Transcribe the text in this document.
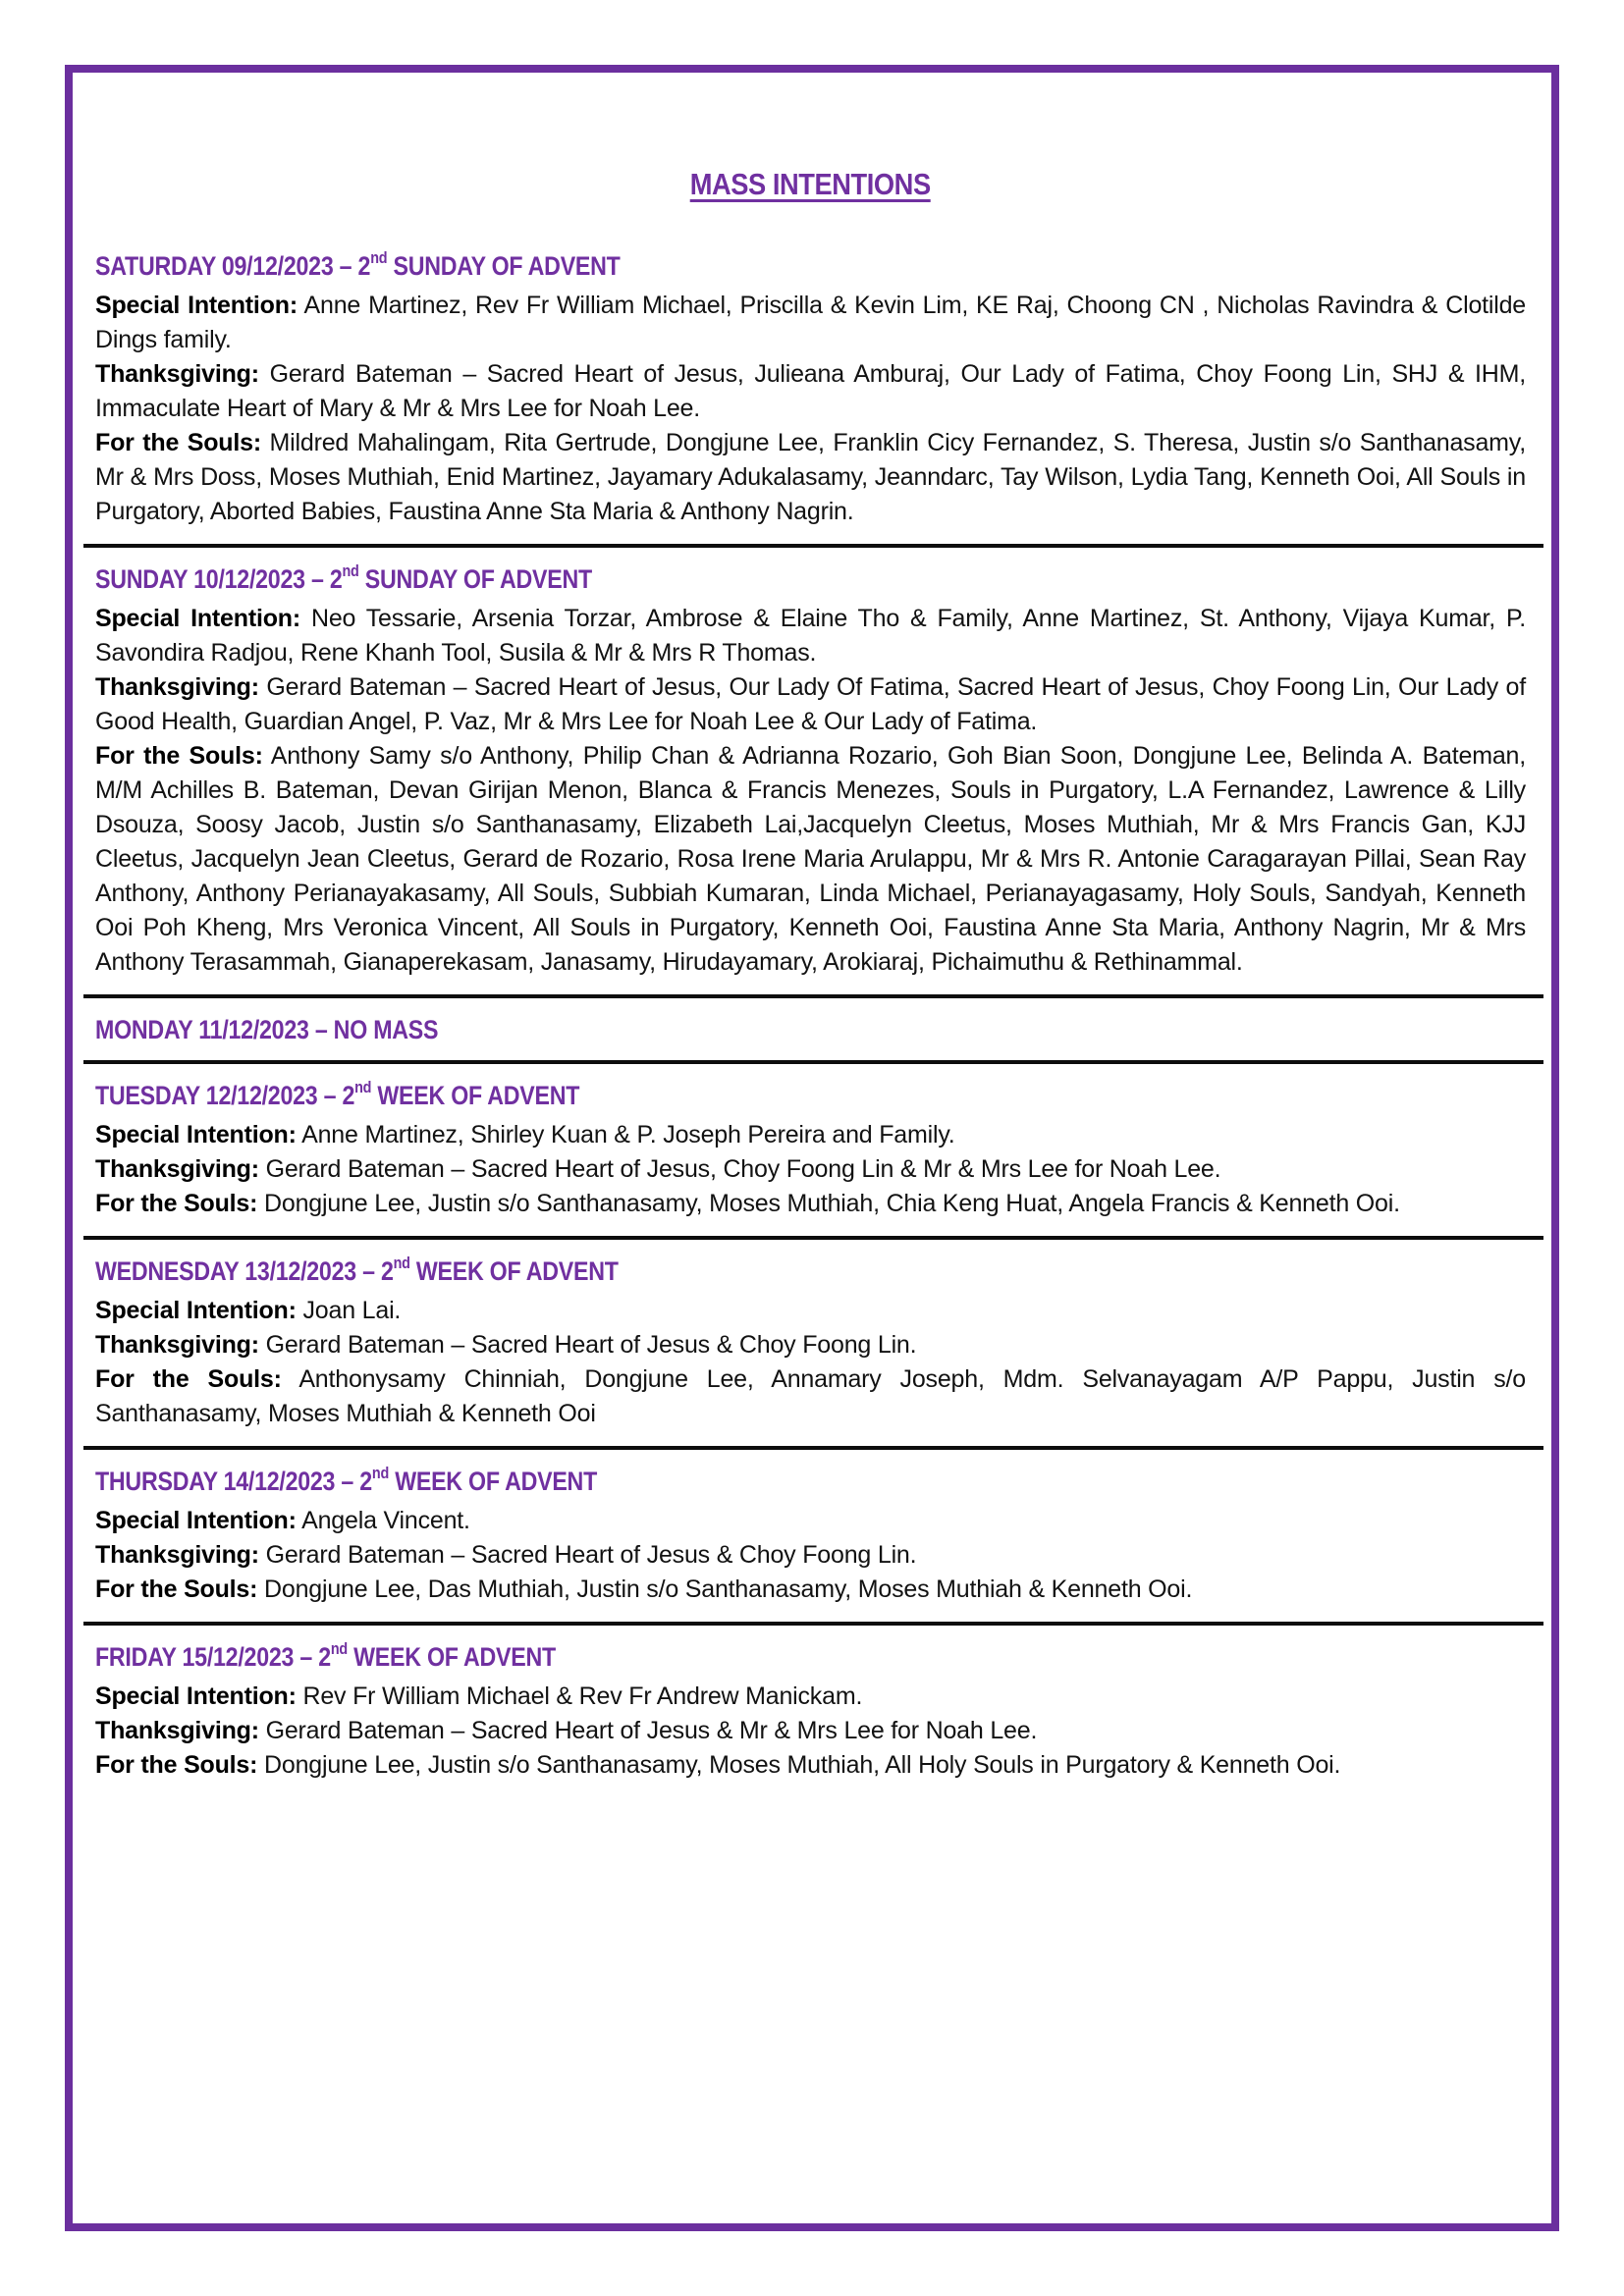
MASS INTENTIONS
SATURDAY 09/12/2023 – 2nd SUNDAY OF ADVENT

Special Intention: Anne Martinez, Rev Fr William Michael, Priscilla & Kevin Lim, KE Raj, Choong CN , Nicholas Ravindra & Clotilde Dings family.

Thanksgiving: Gerard Bateman – Sacred Heart of Jesus, Julieana Amburaj, Our Lady of Fatima, Choy Foong Lin, SHJ & IHM, Immaculate Heart of Mary & Mr & Mrs Lee for Noah Lee.

For the Souls: Mildred Mahalingam, Rita Gertrude, Dongjune Lee, Franklin Cicy Fernandez, S. Theresa, Justin s/o Santhanasamy, Mr & Mrs Doss, Moses Muthiah, Enid Martinez, Jayamary Adukalasamy, Jeanndarc, Tay Wilson, Lydia Tang, Kenneth Ooi, All Souls in Purgatory, Aborted Babies, Faustina Anne Sta Maria & Anthony Nagrin.

SUNDAY 10/12/2023 – 2nd SUNDAY OF ADVENT

Special Intention: Neo Tessarie, Arsenia Torzar, Ambrose & Elaine Tho & Family, Anne Martinez, St. Anthony, Vijaya Kumar, P. Savondira Radjou, Rene Khanh Tool, Susila & Mr & Mrs R Thomas.

Thanksgiving: Gerard Bateman – Sacred Heart of Jesus, Our Lady Of Fatima, Sacred Heart of Jesus, Choy Foong Lin, Our Lady of Good Health, Guardian Angel, P. Vaz, Mr & Mrs Lee for Noah Lee & Our Lady of Fatima.

For the Souls: Anthony Samy s/o Anthony, Philip Chan & Adrianna Rozario, Goh Bian Soon, Dongjune Lee, Belinda A. Bateman, M/M Achilles B. Bateman, Devan Girijan Menon, Blanca & Francis Menezes, Souls in Purgatory, L.A Fernandez, Lawrence & Lilly Dsouza, Soosy Jacob, Justin s/o Santhanasamy, Elizabeth Lai,Jacquelyn Cleetus, Moses Muthiah, Mr & Mrs Francis Gan, KJJ Cleetus, Jacquelyn Jean Cleetus, Gerard de Rozario, Rosa Irene Maria Arulappu, Mr & Mrs R. Antonie Caragarayan Pillai, Sean Ray Anthony, Anthony Perianayakasamy, All Souls, Subbiah Kumaran, Linda Michael, Perianayagasamy, Holy Souls, Sandyah, Kenneth Ooi Poh Kheng, Mrs Veronica Vincent, All Souls in Purgatory, Kenneth Ooi, Faustina Anne Sta Maria, Anthony Nagrin, Mr & Mrs Anthony Terasammah, Gianaperekasam, Janasamy, Hirudayamary, Arokiaraj, Pichaimuthu & Rethinammal.

MONDAY 11/12/2023 – NO MASS
TUESDAY 12/12/2023 – 2nd WEEK OF ADVENT

Special Intention: Anne Martinez, Shirley Kuan & P. Joseph Pereira and Family.

Thanksgiving: Gerard Bateman – Sacred Heart of Jesus, Choy Foong Lin & Mr & Mrs Lee for Noah Lee.

For the Souls: Dongjune Lee, Justin s/o Santhanasamy, Moses Muthiah, Chia Keng Huat, Angela Francis & Kenneth Ooi.

WEDNESDAY 13/12/2023 – 2nd WEEK OF ADVENT

Special Intention: Joan Lai.

Thanksgiving: Gerard Bateman – Sacred Heart of Jesus & Choy Foong Lin.

For the Souls: Anthonysamy Chinniah, Dongjune Lee, Annamary Joseph, Mdm. Selvanayagam A/P Pappu, Justin s/o Santhanasamy, Moses Muthiah & Kenneth Ooi

THURSDAY 14/12/2023 – 2nd WEEK OF ADVENT

Special Intention: Angela Vincent.

Thanksgiving: Gerard Bateman – Sacred Heart of Jesus & Choy Foong Lin.

For the Souls: Dongjune Lee, Das Muthiah, Justin s/o Santhanasamy, Moses Muthiah & Kenneth Ooi.

FRIDAY 15/12/2023 – 2nd WEEK OF ADVENT

Special Intention: Rev Fr William Michael & Rev Fr Andrew Manickam.

Thanksgiving: Gerard Bateman – Sacred Heart of Jesus & Mr & Mrs Lee for Noah Lee.

For the Souls: Dongjune Lee, Justin s/o Santhanasamy, Moses Muthiah, All Holy Souls in Purgatory & Kenneth Ooi.
